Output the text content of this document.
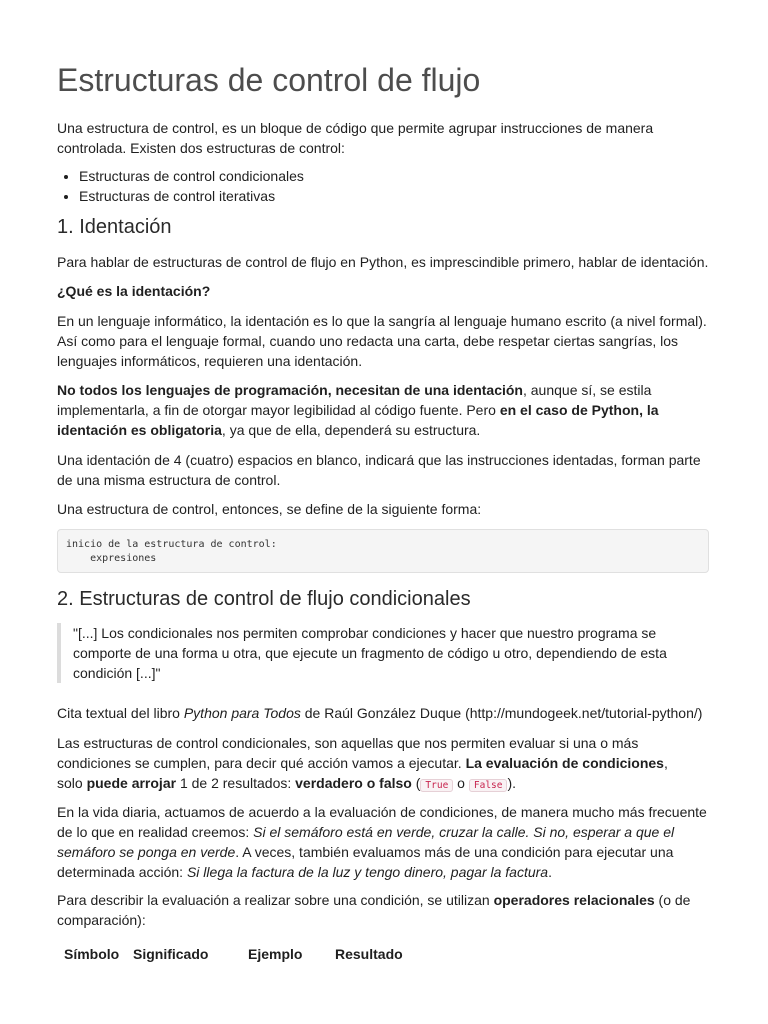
Estructuras de control de flujo

Una estructura de control, es un bloque de código que permite agrupar instrucciones de manera
controlada. Existen dos estructuras de control:

• Estructuras de control condicionales
• Estructuras de control iterativas
1. Identación

Para hablar de estructuras de control de flujo en Python, es imprescindible primero, hablar de identación.

¿Qué es la identación?

En un lenguaje informático, la identación es lo que la sangría al lenguaje humano escrito (a nivel formal).
Así como para el lenguaje formal, cuando uno redacta una carta, debe respetar ciertas sangrías, los
lenguajes informáticos, requieren una identación.

No todos los lenguajes de programación, necesitan de una identación, aunque sí, se estila
implementarla, a fin de otorgar mayor legibilidad al código fuente. Pero en el caso de Python, la
identación es obligatoria, ya que de ella, dependerá su estructura.

Una identación de 4 (cuatro) espacios en blanco, indicará que las instrucciones identadas, forman parte
de una misma estructura de control.

Una estructura de control, entonces, se define de la siguiente forma:

inicio de la estructura de control:
expresiones
2. Estructuras de control de flujo condicionales
"[...] Los condicionales nos permiten comprobar condiciones y hacer que nuestro programa se
comporte de una forma u otra, que ejecute un fragmento de código u otro, dependiendo de esta
condición [...]"

Cita textual del libro Python para Todos de Raúl González Duque (http://mundogeek.net/tutorial-python/)

Las estructuras de control condicionales, son aquellas que nos permiten evaluar si una o más
condiciones se cumplen, para decir qué acción vamos a ejecutar. La evaluación de condiciones,
solo puede arrojar 1 de 2 resultados: verdadero o falso ( True o False ).

En la vida diaria, actuamos de acuerdo a la evaluación de condiciones, de manera mucho más frecuente
de lo que en realidad creemos: Si el semáforo está en verde, cruzar la calle. Si no, esperar a que el
semáforo se ponga en verde. A veces, también evaluamos más de una condición para ejecutar una
determinada acción: Si llega la factura de la luz y tengo dinero, pagar la factura.

Para describir la evaluación a realizar sobre una condición, se utilizan operadores relacionales (o de
comparación):

Símbolo Significado	Ejemplo Resultado
